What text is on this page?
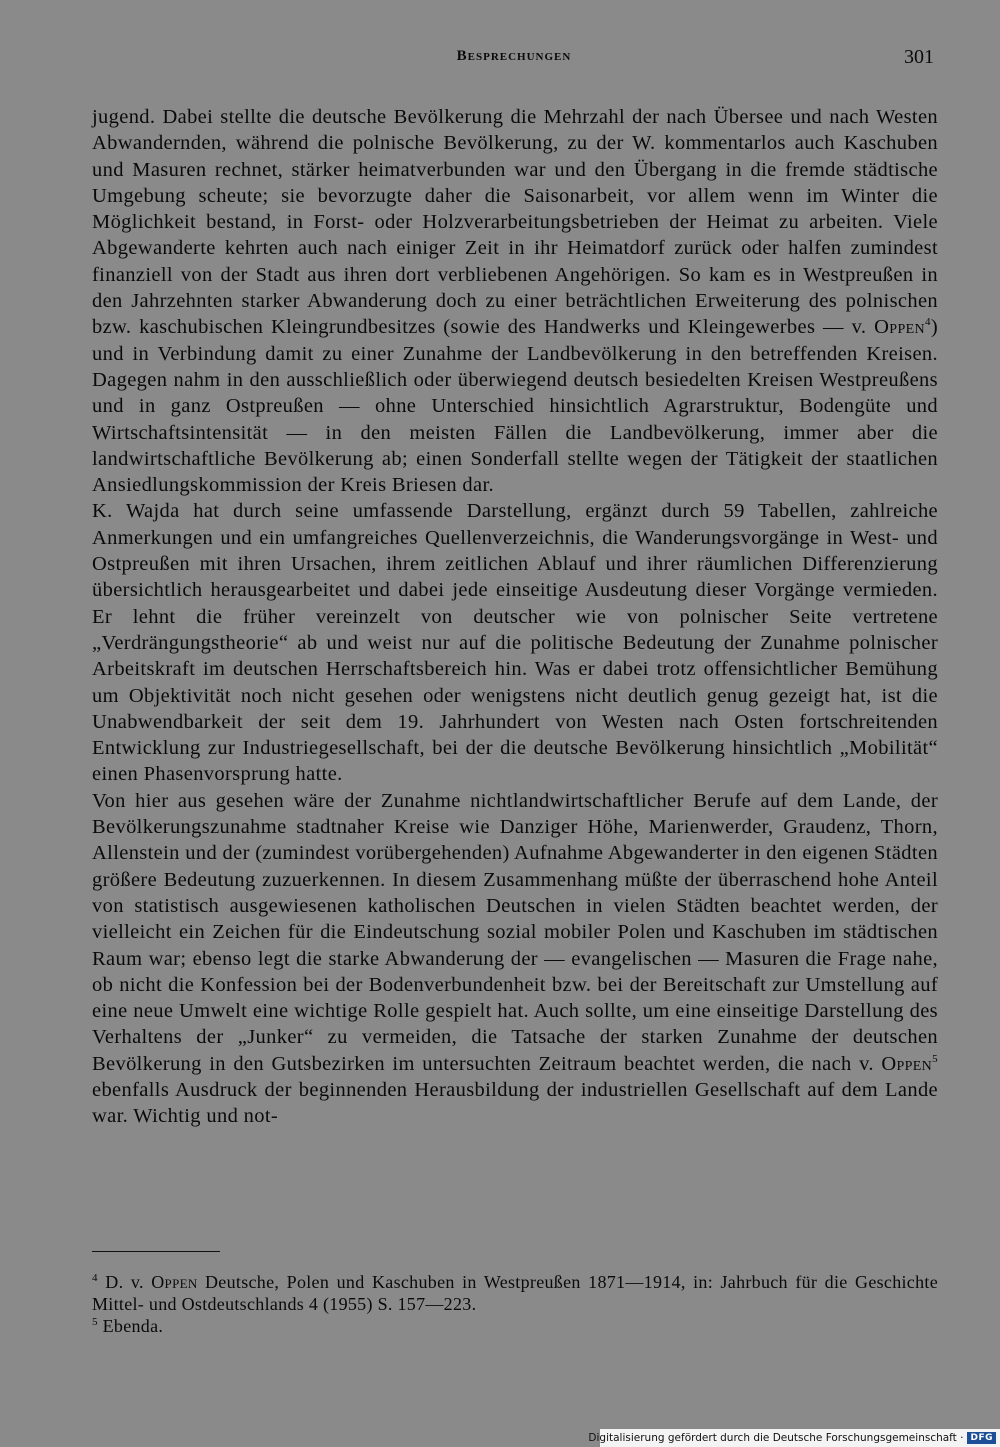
Besprechungen	301

jugend. Dabei stellte die deutsche Bevölkerung die Mehrzahl der nach Übersee und nach Westen Abwandernden, während die polnische Bevölkerung, zu der W. kommentarlos auch Kaschuben und Masuren rechnet, stärker heimatverbunden war und den Übergang in die fremde städtische Umgebung scheute; sie bevorzugte daher die Saisonarbeit, vor allem wenn im Winter die Möglichkeit bestand, in Forst- oder Holzverarbeitungsbetrieben der Heimat zu arbeiten. Viele Abgewanderte kehrten auch nach einiger Zeit in ihr Heimatdorf zurück oder halfen zumindest finanziell von der Stadt aus ihren dort verbliebenen Angehörigen. So kam es in Westpreußen in den Jahrzehnten starker Abwanderung doch zu einer beträchtlichen Erweiterung des polnischen bzw. kaschubischen Kleingrundbesitzes (sowie des Handwerks und Kleingewerbes — v. Oppen$^4$) und in Verbindung damit zu einer Zunahme der Landbevölkerung in den betreffenden Kreisen. Dagegen nahm in den ausschließlich oder überwiegend deutsch besiedelten Kreisen Westpreußens und in ganz Ostpreußen — ohne Unterschied hinsichtlich Agrarstruktur, Bodengüte und Wirtschaftsintensität — in den meisten Fällen die Landbevölkerung, immer aber die landwirtschaftliche Bevölkerung ab; einen Sonderfall stellte wegen der Tätigkeit der staatlichen Ansiedlungskommission der Kreis Briesen dar.

K. Wajda hat durch seine umfassende Darstellung, ergänzt durch 59 Tabellen, zahlreiche Anmerkungen und ein umfangreiches Quellenverzeichnis, die Wanderungsvorgänge in West- und Ostpreußen mit ihren Ursachen, ihrem zeitlichen Ablauf und ihrer räumlichen Differenzierung übersichtlich herausgearbeitet und dabei jede einseitige Ausdeutung dieser Vorgänge vermieden. Er lehnt die früher vereinzelt von deutscher wie von polnischer Seite vertretene „Verdrängungstheorie“ ab und weist nur auf die politische Bedeutung der Zunahme polnischer Arbeitskraft im deutschen Herrschaftsbereich hin. Was er dabei trotz offensichtlicher Bemühung um Objektivität noch nicht gesehen oder wenigstens nicht deutlich genug gezeigt hat, ist die Unabwendbarkeit der seit dem 19. Jahrhundert von Westen nach Osten fortschreitenden Entwicklung zur Industriegesellschaft, bei der die deutsche Bevölkerung hinsichtlich „Mobilität“ einen Phasenvorsprung hatte.

Von hier aus gesehen wäre der Zunahme nichtlandwirtschaftlicher Berufe auf dem Lande, der Bevölkerungszunahme stadtnaher Kreise wie Danziger Höhe, Marienwerder, Graudenz, Thorn, Allenstein und der (zumindest vorübergehenden) Aufnahme Abgewanderter in den eigenen Städten größere Bedeutung zuzuerkennen. In diesem Zusammenhang müßte der überraschend hohe Anteil von statistisch ausgewiesenen katholischen Deutschen in vielen Städten beachtet werden, der vielleicht ein Zeichen für die Eindeutschung sozial mobiler Polen und Kaschuben im städtischen Raum war; ebenso legt die starke Abwanderung der — evangelischen — Masuren die Frage nahe, ob nicht die Konfession bei der Bodenverbundenheit bzw. bei der Bereitschaft zur Umstellung auf eine neue Umwelt eine wichtige Rolle gespielt hat. Auch sollte, um eine einseitige Darstellung des Verhaltens der „Junker“ zu vermeiden, die Tatsache der starken Zunahme der deutschen Bevölkerung in den Gutsbezirken im untersuchten Zeitraum beachtet werden, die nach v. Oppen$^5$ ebenfalls Ausdruck der beginnenden Herausbildung der industriellen Gesellschaft auf dem Lande war. Wichtig und not-

$^4$ D. v. Oppen Deutsche, Polen und Kaschuben in Westpreußen 1871—1914, in: Jahrbuch für die Geschichte Mittel- und Ostdeutschlands 4 (1955) S. 157—223.

$^5$ Ebenda.

Digitalisierung gefördert durch die Deutsche Forschungsgemeinschaft · DFG
